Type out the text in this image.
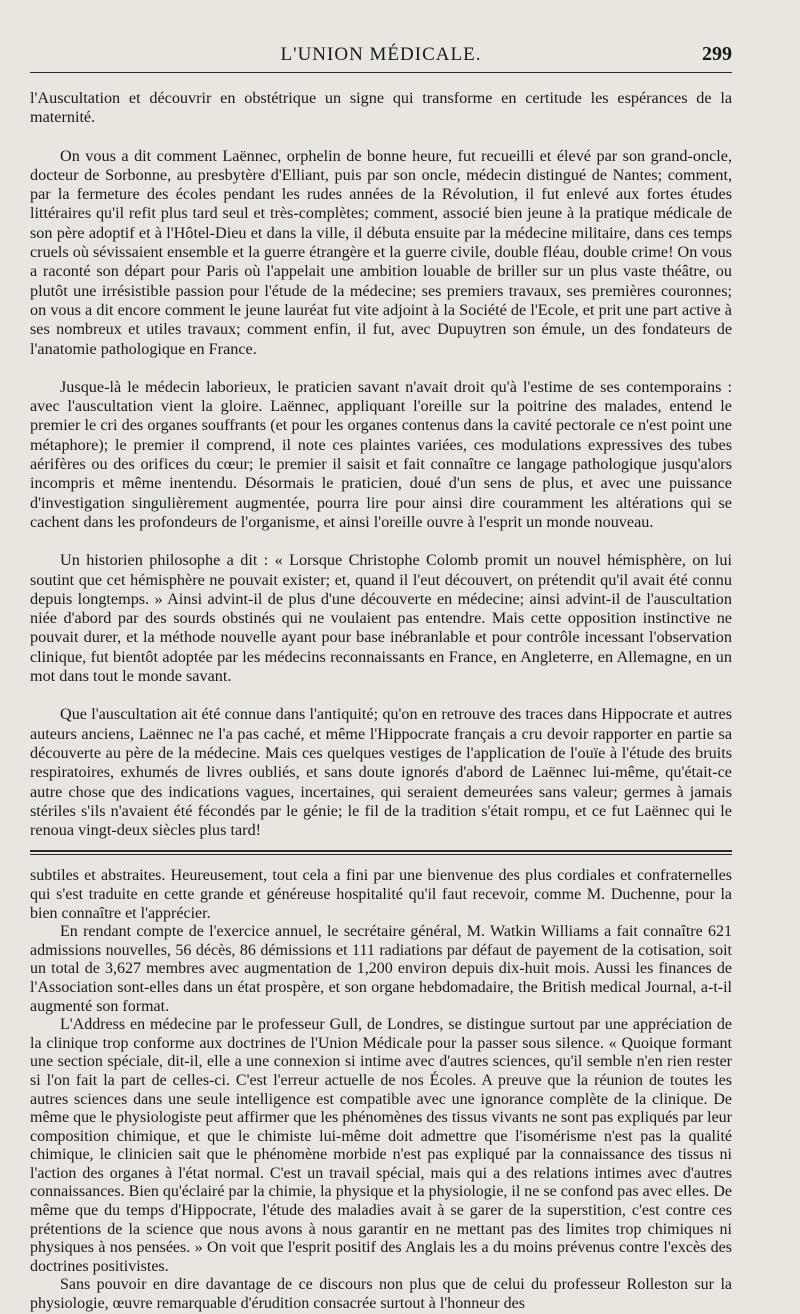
L'UNION MÉDICALE.	299

l'Auscultation et découvrir en obstétrique un signe qui transforme en certitude les espérances de la maternité.

On vous a dit comment Laënnec, orphelin de bonne heure, fut recueilli et élevé par son grand-oncle, docteur de Sorbonne, au presbytère d'Elliant, puis par son oncle, médecin distingué de Nantes; comment, par la fermeture des écoles pendant les rudes années de la Révolution, il fut enlevé aux fortes études littéraires qu'il refit plus tard seul et très-complètes; comment, associé bien jeune à la pratique médicale de son père adoptif et à l'Hôtel-Dieu et dans la ville, il débuta ensuite par la médecine militaire, dans ces temps cruels où sévissaient ensemble et la guerre étrangère et la guerre civile, double fléau, double crime! On vous a raconté son départ pour Paris où l'appelait une ambition louable de briller sur un plus vaste théâtre, ou plutôt une irrésistible passion pour l'étude de la médecine; ses premiers travaux, ses premières couronnes; on vous a dit encore comment le jeune lauréat fut vite adjoint à la Société de l'Ecole, et prit une part active à ses nombreux et utiles travaux; comment enfin, il fut, avec Dupuytren son émule, un des fondateurs de l'anatomie pathologique en France.

Jusque-là le médecin laborieux, le praticien savant n'avait droit qu'à l'estime de ses contemporains : avec l'auscultation vient la gloire. Laënnec, appliquant l'oreille sur la poitrine des malades, entend le premier le cri des organes souffrants (et pour les organes contenus dans la cavité pectorale ce n'est point une métaphore); le premier il comprend, il note ces plaintes variées, ces modulations expressives des tubes aérifères ou des orifices du cœur; le premier il saisit et fait connaître ce langage pathologique jusqu'alors incompris et même inentendu. Désormais le praticien, doué d'un sens de plus, et avec une puissance d'investigation singulièrement augmentée, pourra lire pour ainsi dire couramment les altérations qui se cachent dans les profondeurs de l'organisme, et ainsi l'oreille ouvre à l'esprit un monde nouveau.

Un historien philosophe a dit : « Lorsque Christophe Colomb promit un nouvel hémisphère, on lui soutint que cet hémisphère ne pouvait exister; et, quand il l'eut découvert, on prétendit qu'il avait été connu depuis longtemps. » Ainsi advint-il de plus d'une découverte en médecine; ainsi advint-il de l'auscultation niée d'abord par des sourds obstinés qui ne voulaient pas entendre. Mais cette opposition instinctive ne pouvait durer, et la méthode nouvelle ayant pour base inébranlable et pour contrôle incessant l'observation clinique, fut bientôt adoptée par les médecins reconnaissants en France, en Angleterre, en Allemagne, en un mot dans tout le monde savant.

Que l'auscultation ait été connue dans l'antiquité; qu'on en retrouve des traces dans Hippocrate et autres auteurs anciens, Laënnec ne l'a pas caché, et même l'Hippocrate français a cru devoir rapporter en partie sa découverte au père de la médecine. Mais ces quelques vestiges de l'application de l'ouïe à l'étude des bruits respiratoires, exhumés de livres oubliés, et sans doute ignorés d'abord de Laënnec lui-même, qu'était-ce autre chose que des indications vagues, incertaines, qui seraient demeurées sans valeur; germes à jamais stériles s'ils n'avaient été fécondés par le génie; le fil de la tradition s'était rompu, et ce fut Laënnec qui le renoua vingt-deux siècles plus tard!

subtiles et abstraites. Heureusement, tout cela a fini par une bienvenue des plus cordiales et confraternelles qui s'est traduite en cette grande et généreuse hospitalité qu'il faut recevoir, comme M. Duchenne, pour la bien connaître et l'apprécier.

En rendant compte de l'exercice annuel, le secrétaire général, M. Watkin Williams a fait connaître 621 admissions nouvelles, 56 décès, 86 démissions et 111 radiations par défaut de payement de la cotisation, soit un total de 3,627 membres avec augmentation de 1,200 environ depuis dix-huit mois. Aussi les finances de l'Association sont-elles dans un état prospère, et son organe hebdomadaire, the British medical Journal, a-t-il augmenté son format.

L'Address en médecine par le professeur Gull, de Londres, se distingue surtout par une appréciation de la clinique trop conforme aux doctrines de l'Union Médicale pour la passer sous silence. « Quoique formant une section spéciale, dit-il, elle a une connexion si intime avec d'autres sciences, qu'il semble n'en rien rester si l'on fait la part de celles-ci. C'est l'erreur actuelle de nos Écoles. A preuve que la réunion de toutes les autres sciences dans une seule intelligence est compatible avec une ignorance complète de la clinique. De même que le physiologiste peut affirmer que les phénomènes des tissus vivants ne sont pas expliqués par leur composition chimique, et que le chimiste lui-même doit admettre que l'isomérisme n'est pas la qualité chimique, le clinicien sait que le phénomène morbide n'est pas expliqué par la connaissance des tissus ni l'action des organes à l'état normal. C'est un travail spécial, mais qui a des relations intimes avec d'autres connaissances. Bien qu'éclairé par la chimie, la physique et la physiologie, il ne se confond pas avec elles. De même que du temps d'Hippocrate, l'étude des maladies avait à se garer de la superstition, c'est contre ces prétentions de la science que nous avons à nous garantir en ne mettant pas des limites trop chimiques ni physiques à nos pensées. » On voit que l'esprit positif des Anglais les a du moins prévenus contre l'excès des doctrines positivistes.

Sans pouvoir en dire davantage de ce discours non plus que de celui du professeur Rolleston sur la physiologie, œuvre remarquable d'érudition consacrée surtout à l'honneur des
